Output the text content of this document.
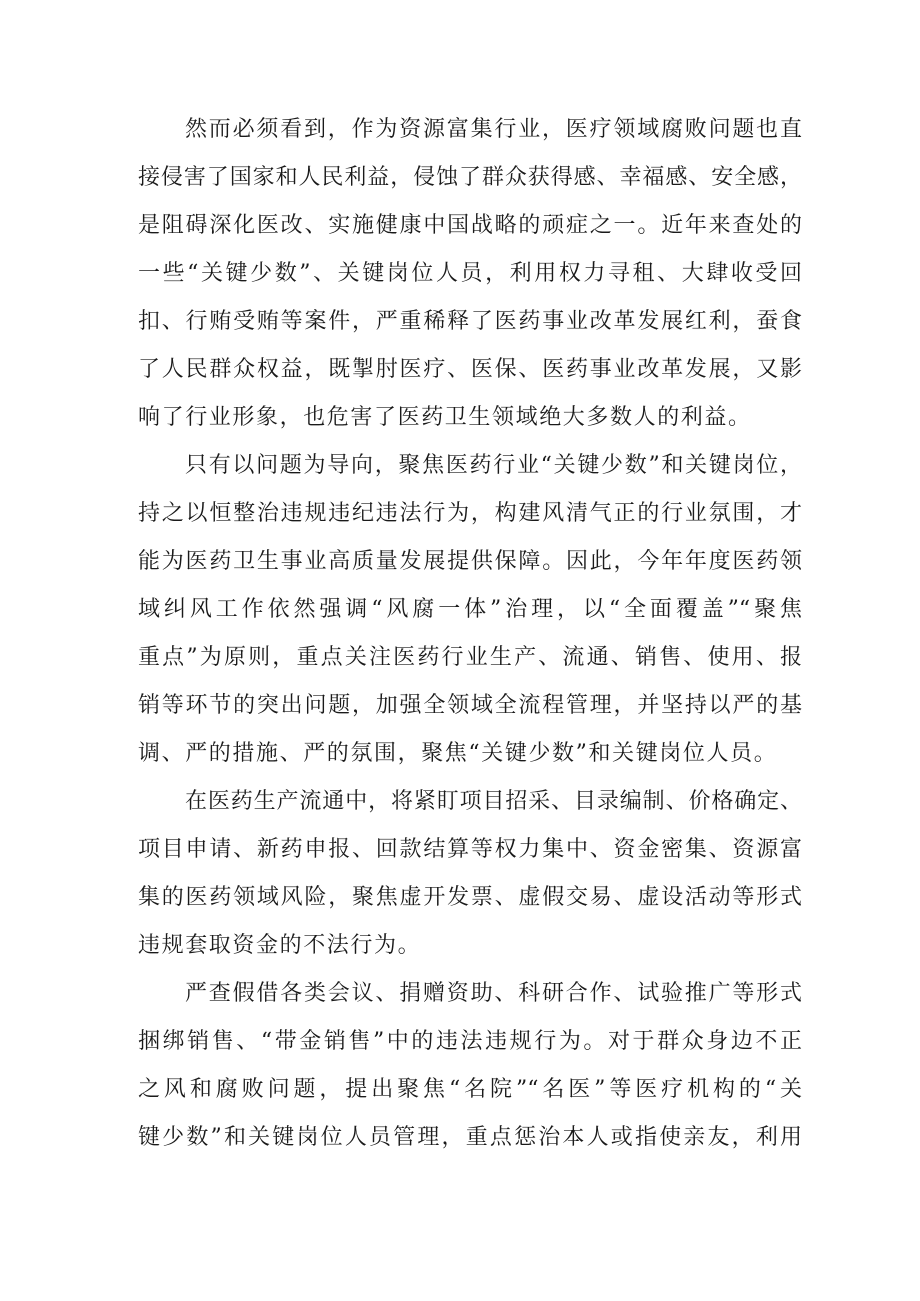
然而必须看到，作为资源富集行业，医疗领域腐败问题也直
接侵害了国家和人民利益，侵蚀了群众获得感、幸福感、安全感，
是阻碍深化医改、实施健康中国战略的顽症之一。近年来查处的
一些“关键少数”、关键岗位人员，利用权力寻租、大肆收受回
扣、行贿受贿等案件，严重稀释了医药事业改革发展红利，蚕食
了人民群众权益，既掣肘医疗、医保、医药事业改革发展，又影
响了行业形象，也危害了医药卫生领域绝大多数人的利益。
只有以问题为导向，聚焦医药行业“关键少数”和关键岗位，
持之以恒整治违规违纪违法行为，构建风清气正的行业氛围，才
能为医药卫生事业高质量发展提供保障。因此，今年年度医药领
域纠风工作依然强调“风腐一体”治理，以“全面覆盖”“聚焦
重点”为原则，重点关注医药行业生产、流通、销售、使用、报
销等环节的突出问题，加强全领域全流程管理，并坚持以严的基
调、严的措施、严的氛围，聚焦“关键少数”和关键岗位人员。
在医药生产流通中，将紧盯项目招采、目录编制、价格确定、
项目申请、新药申报、回款结算等权力集中、资金密集、资源富
集的医药领域风险，聚焦虚开发票、虚假交易、虚设活动等形式
违规套取资金的不法行为。
严查假借各类会议、捐赠资助、科研合作、试验推广等形式
捆绑销售、“带金销售”中的违法违规行为。对于群众身边不正
之风和腐败问题，提出聚焦“名院”“名医”等医疗机构的“关
键少数”和关键岗位人员管理，重点惩治本人或指使亲友，利用
